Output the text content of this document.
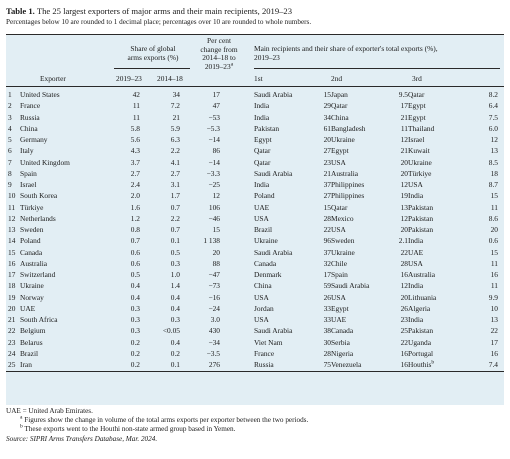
Table 1. The 25 largest exporters of major arms and their main recipients, 2019–23
Percentages below 10 are rounded to 1 decimal place; percentages over 10 are rounded to whole numbers.
Share of global
arms exports (%)
Per cent
change from
2014–18 to
2019–23$^a$
Main recipients and their share of exporter's total exports (%),
2019–23
Exporter	2019–23 2014–18	1st	2nd	3rd
1	United States	42	34	17		Saudi Arabia	15	Japan	9.5	Qatar	8.2
2	France	11	7.2	47		India	29	Qatar	17	Egypt	6.4
3	Russia	11	21	−53		India	34	China	21	Egypt	7.5
4	China	5.8	5.9	−5.3		Pakistan	61	Bangladesh	11	Thailand	6.0
5	Germany	5.6	6.3	−14		Egypt	20	Ukraine	12	Israel	12
6	Italy	4.3	2.2	86		Qatar	27	Egypt	21	Kuwait	13
7	United Kingdom	3.7	4.1	−14		Qatar	23	USA	20	Ukraine	8.5
8	Spain	2.7	2.7	−3.3		Saudi Arabia	21	Australia	20	Türkiye	18
9	Israel	2.4	3.1	−25		India	37	Philippines	12	USA	8.7
10	South Korea	2.0	1.7	12		Poland	27	Philippines	19	India	15
11	Türkiye	1.6	0.7	106		UAE	15	Qatar	13	Pakistan	11
12	Netherlands	1.2	2.2	−46		USA	28	Mexico	12	Pakistan	8.6
13	Sweden	0.8	0.7	15		Brazil	22	USA	20	Pakistan	20
14	Poland	0.7	0.1	1 138		Ukraine	96	Sweden	2.1	India	0.6
15	Canada	0.6	0.5	20		Saudi Arabia	37	Ukraine	22	UAE	15
16	Australia	0.6	0.3	88		Canada	32	Chile	28	USA	11
17	Switzerland	0.5	1.0	−47		Denmark	17	Spain	16	Australia	16
18	Ukraine	0.4	1.4	−73		China	59	Saudi Arabia	12	India	11
19	Norway	0.4	0.4	−16		USA	26	USA	20	Lithuania	9.9
20	UAE	0.3	0.4	−24		Jordan	33	Egypt	26	Algeria	10
21	South Africa	0.3	0.3	3.0		USA	33	UAE	23	India	13
22	Belgium	0.3	<0.05	430		Saudi Arabia	38	Canada	25	Pakistan	22
23	Belarus	0.2	0.4	−34		Viet Nam	30	Serbia	22	Uganda	17
24	Brazil	0.2	0.2	−3.5		France	28	Nigeria	16	Portugal	16
25	Iran	0.2	0.1	276		Russia	75	Venezuela	16	Houthis$^b$	7.4
UAE = United Arab Emirates.
$^a$ Figures show the change in volume of the total arms exports per exporter between the two periods.
$^b$ These exports went to the Houthi non-state armed group based in Yemen.
Source: SIPRI Arms Transfers Database, Mar. 2024.
